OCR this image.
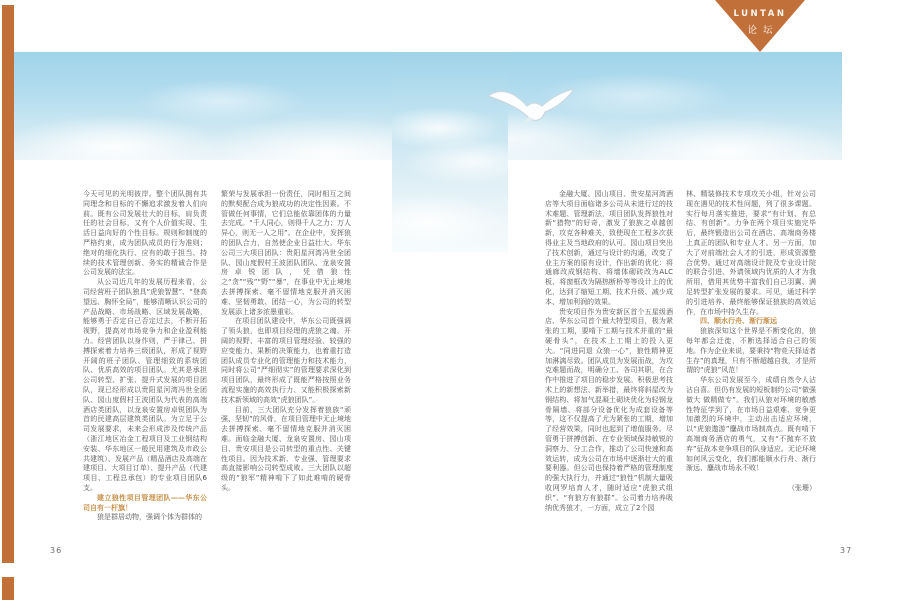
LUNTAN
论坛

今天可见的光明彼岸。整个团队拥有共同理念和目标的不懈追求激发着人们向前。既有公司发展壮大的目标，肩负责任的社会目标，又有个人价值实现、生活日益向好的个性目标。规则和制度的严格约束，成为团队成员的行为准则；绝对的细化执行、应有的敢于担当、持续的技术管理创新、务实的精诚合作是公司发展的法宝。

从公司近几年的发展历程来看，公司经营班子团队独具“虎狼智慧”、“登高望远、胸怀全局”，能够清晰认识公司的产品战略、市场战略、区域发展战略，能够勇于否定自己否定过去，不断开拓视野，提高对市场竞争力和企业盈利能力。经营团队以身作则，严于律己、拼搏探索着力培养三级团队，形成了视野开阔的班子团队、管理细致的系统团队、优质高效的项目团队。尤其是承担公司转型、扩张、提升式发展的项目团队，现已经形成以贵阳星河湾冯世全团队、园山度假村王波团队为代表的高端酒店类团队，以龙泉安置房卓锐团队为首的民建高层建筑类团队。为立足于公司发展要求，未来会形成涉及传统产品（浙江地区冶金工程项目及工业钢结构安装、华东地区一般民用建筑及市政公共建筑）、发展产品（精品酒店及高端在建项目、大项目订单）、提升产品（代建项目、工程总承包）的专业项目团队6支。

建立狼性项目管理团队——华东公司自有一杆旗！

狼是群居动物，强调个体为群体的

繁荣与发展承担一份责任，同时相互之间的默契配合成为狼成功的决定性因素。不管做任何事情，它们总能依靠团体的力量去完成。“千人同心，则得千人之力；万人异心，则无一人之用”。在企业中，发挥狼的团队合力，自然使企业日益壮大。华东公司三大项目团队：贵阳星河湾冯世全团队、园山度假村王波团队团队、龙泉安置房卓锐团队，凭借狼性之“贪”“残”“野”“暴”，在事业中无止境地去拼搏探索、毫不留情地克服并消灭困难、坚韧勇敢、团结一心，为公司的转型发展添上诸多浓墨重彩。

在项目团队建设中，华东公司既强调了领头狼，也即项目经理的虎狼之魂、开阔的视野、丰富的项目管理经验、较强的应变能力、果断的决策能力，也着重打造团队成员专业化的管理能力和技术能力，同时将公司“严细彻实”的管理要求深化到项目团队，最终形成了既能严格按照业务流程实施的高效执行力、又能积极探索新技术新领域的高效“虎狼团队”。

目前，三大团队充分发挥着狼族“顽强、坚韧”的风骨，在项目管理中无止境地去拼搏探索、毫不留情地克服并消灭困难。面临金融大厦、龙泉安置房、园山项目、贵安项目是公司转型的重点性、关键性项目。因为技术新、专业强、管理要求高直接影响公司转型成败。三大团队以超级的“狼军”精神啃下了如此难啃的硬骨头。

金融大厦、园山项目、贵安星河湾酒店等大项目面临诸多公司从未进行过的技术难题、管理新法，项目团队发挥狼性对新“猎物”的好奇，激发了狼族之卓越创新，攻克各种难关，致使现在工程多次获得业主及当地政府的认可。园山项目突出了技术创新，通过与设计的沟通，改变了业主方案的原有设计，作出新的优化：将通廊改成钢结构、将墙体砌砖改为ALC板、将窗框改为隔热断桥等等设计上的优化，达到了缩短工期、技术升级、减少成本、增加利润的效果。

贵安项目作为贵安新区首个五星级酒店、华东公司首个最大特型项目，极为紧张的工期，要啃下工期与技术并重的“最硬骨头”，在技术上工期上的投入更大。“同进同退 众狼一心”，狼性精神更加淋漓尽致。团队成员为发展而战，为攻克难题而战，明确分工、各司其职，在合作中推进了项目的稳步发展。积极思考技术上的新想法、新举措，最终将斜屋改为钢结构、将加气混凝土砌块优化为轻钢龙骨隔墙、将部分设备优化为成套设备等等，这不仅提高了尤为紧张的工期，增加了经营效果，同时也起到了增值服务。尽管勇于拼搏创新、在专业领域保持敏锐的洞察力、分工合作，推动了公司快速和高效运转，成为公司在市场中逐渐壮大的重要利器。但公司也保持着严格的管理制度的强大执行力，并通过“狼性”机制大量吸收网罗培育人才，随时适应“虎狼式组织”、“有狼方有狼群”。公司着力培养吸纳优秀狼才，一方面，成立了2个园

林、精装修技术专项攻关小组，针对公司现在遇见的技术性问题，列了很多课题。实行每月落实推进，要求“有计划、有总结、有创新”。力争在两个项目实施完毕后，最终锻造出公司在酒店、高端商务楼上真正的团队和专业人才。另一方面，加大了对前端社会人才的引进，形成资源整合优势。通过对高端设计院及专业设计院的联合引进、外请领域内优质的人才为我所用，借用其优势丰富我们自己羽翼、满足转型扩张发展的要求。可见，通过科学的引进培养、最终能够保证狼族的高效运作，在市场中持久生存。

四、顺水行舟、渐行渐远

狼族深知这个世界是不断变化的，狼每年都会迁徙，不断选择适合自己的领地。作为企业来说，要秉持“物竞天择适者生存”的真理，只有不断超越自我，才是所谓的“虎狼”风范！

华东公司发展至今，成绩自然令人沾沾自喜。但仍有发展的短板制约公司“做强做大 做精做专”。我们从狼对环境的敏感性特征学到了，在市场日益艰难、竞争更加激烈的环境中，主动出击适应环境，以“虎狼遨游”鏖战市场制高点。既有啃下高端商务酒店的勇气，又有“不抛弃不放弃”征战本竞争项目的队身适应。无论环境如何风云变化，我们都能顺水行舟、渐行渐远、鏖战市场永不败！

（张珊）

36	37
